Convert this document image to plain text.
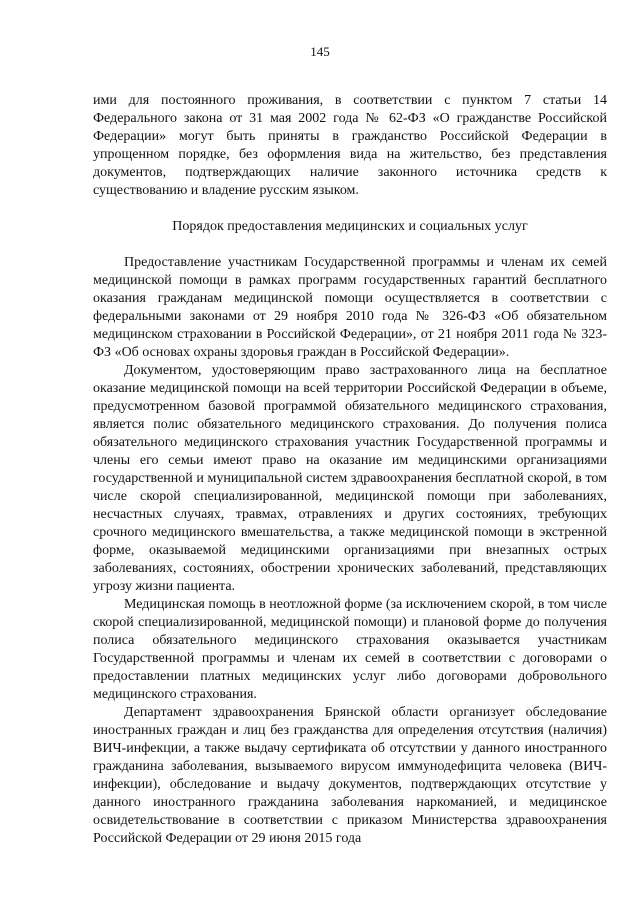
145

ими для постоянного проживания, в соответствии с пунктом 7 статьи 14 Федерального закона от 31 мая 2002 года № 62-ФЗ «О гражданстве Российской Федерации» могут быть приняты в гражданство Российской Федерации в упрощенном порядке, без оформления вида на жительство, без представления документов, подтверждающих наличие законного источника средств к существованию и владение русским языком.

Порядок предоставления медицинских и социальных услуг

Предоставление участникам Государственной программы и членам их семей медицинской помощи в рамках программ государственных гарантий бесплатного оказания гражданам медицинской помощи осуществляется в соответствии с федеральными законами от 29 ноября 2010 года № 326-ФЗ «Об обязательном медицинском страховании в Российской Федерации», от 21 ноября 2011 года № 323-ФЗ «Об основах охраны здоровья граждан в Российской Федерации».

Документом, удостоверяющим право застрахованного лица на бесплатное оказание медицинской помощи на всей территории Российской Федерации в объеме, предусмотренном базовой программой обязательного медицинского страхования, является полис обязательного медицинского страхования. До получения полиса обязательного медицинского страхования участник Государственной программы и члены его семьи имеют право на оказание им медицинскими организациями государственной и муниципальной систем здравоохранения бесплатной скорой, в том числе скорой специализированной, медицинской помощи при заболеваниях, несчастных случаях, травмах, отравлениях и других состояниях, требующих срочного медицинского вмешательства, а также медицинской помощи в экстренной форме, оказываемой медицинскими организациями при внезапных острых заболеваниях, состояниях, обострении хронических заболеваний, представляющих угрозу жизни пациента.

Медицинская помощь в неотложной форме (за исключением скорой, в том числе скорой специализированной, медицинской помощи) и плановой форме до получения полиса обязательного медицинского страхования оказывается участникам Государственной программы и членам их семей в соответствии с договорами о предоставлении платных медицинских услуг либо договорами добровольного медицинского страхования.

Департамент здравоохранения Брянской области организует обследование иностранных граждан и лиц без гражданства для определения отсутствия (наличия) ВИЧ-инфекции, а также выдачу сертификата об отсутствии у данного иностранного гражданина заболевания, вызываемого вирусом иммунодефицита человека (ВИЧ-инфекции), обследование и выдачу документов, подтверждающих отсутствие у данного иностранного гражданина заболевания наркоманией, и медицинское освидетельствование в соответствии с приказом Министерства здравоохранения Российской Федерации от 29 июня 2015 года
